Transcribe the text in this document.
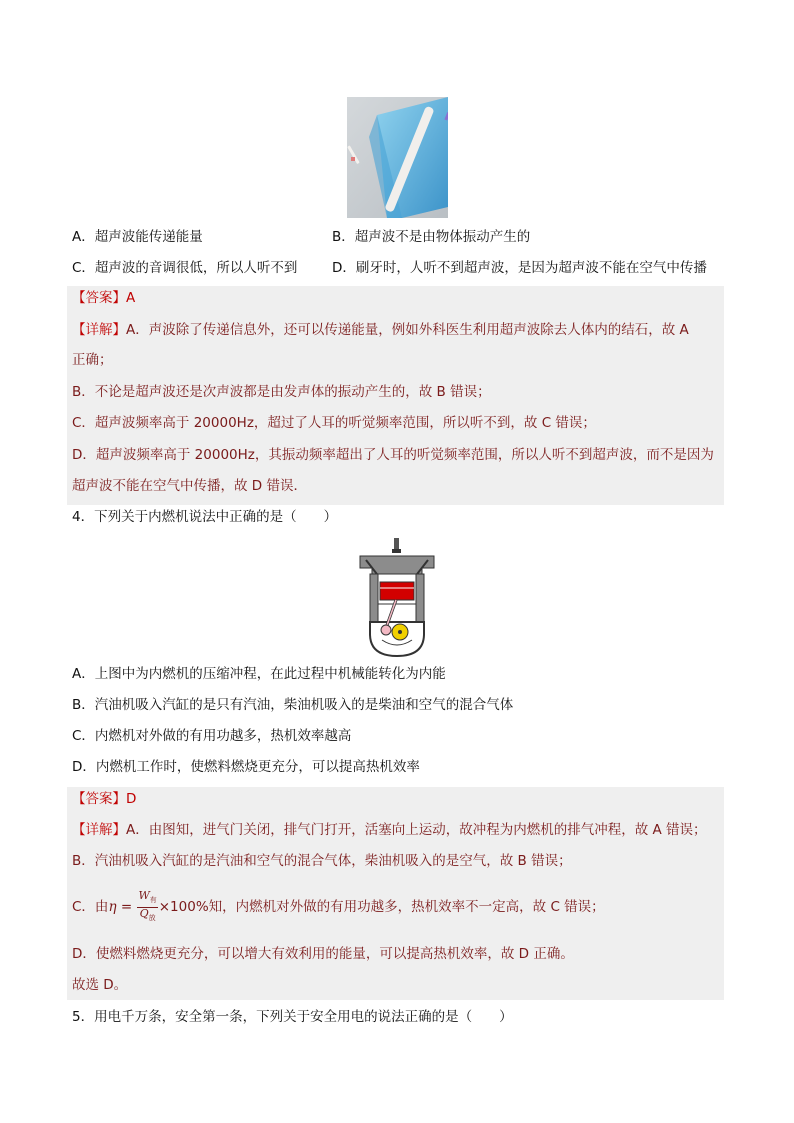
A．超声波能传递能量	B．超声波不是由物体振动产生的
C．超声波的音调很低，所以人听不到	D．刷牙时，人听不到超声波，是因为超声波不能在空气中传播
【答案】A
【详解】A．声波除了传递信息外，还可以传递能量，例如外科医生利用超声波除去人体内的结石，故 A
正确；
B．不论是超声波还是次声波都是由发声体的振动产生的，故 B 错误；
C．超声波频率高于 20000Hz，超过了人耳的听觉频率范围，所以听不到，故 C 错误；
D．超声波频率高于 20000Hz，其振动频率超出了人耳的听觉频率范围，所以人听不到超声波，而不是因为
超声波不能在空气中传播，故 D 错误．
4．下列关于内燃机说法中正确的是（　　）
A．上图中为内燃机的压缩冲程，在此过程中机械能转化为内能
B．汽油机吸入汽缸的是只有汽油，柴油机吸入的是柴油和空气的混合气体
C．内燃机对外做的有用功越多，热机效率越高
D．内燃机工作时，使燃料燃烧更充分，可以提高热机效率
【答案】D
【详解】A．由图知，进气门关闭，排气门打开，活塞向上运动，故冲程为内燃机的排气冲程，故 A 错误；
B．汽油机吸入汽缸的是汽油和空气的混合气体，柴油机吸入的是空气，故 B 错误；
C．由$\eta = \frac{W_有}{Q_放} \times 100\%$知，内燃机对外做的有用功越多，热机效率不一定高，故 C 错误；
D．使燃料燃烧更充分，可以增大有效利用的能量，可以提高热机效率，故 D 正确。
故选 D。
5．用电千万条，安全第一条，下列关于安全用电的说法正确的是（　　）
